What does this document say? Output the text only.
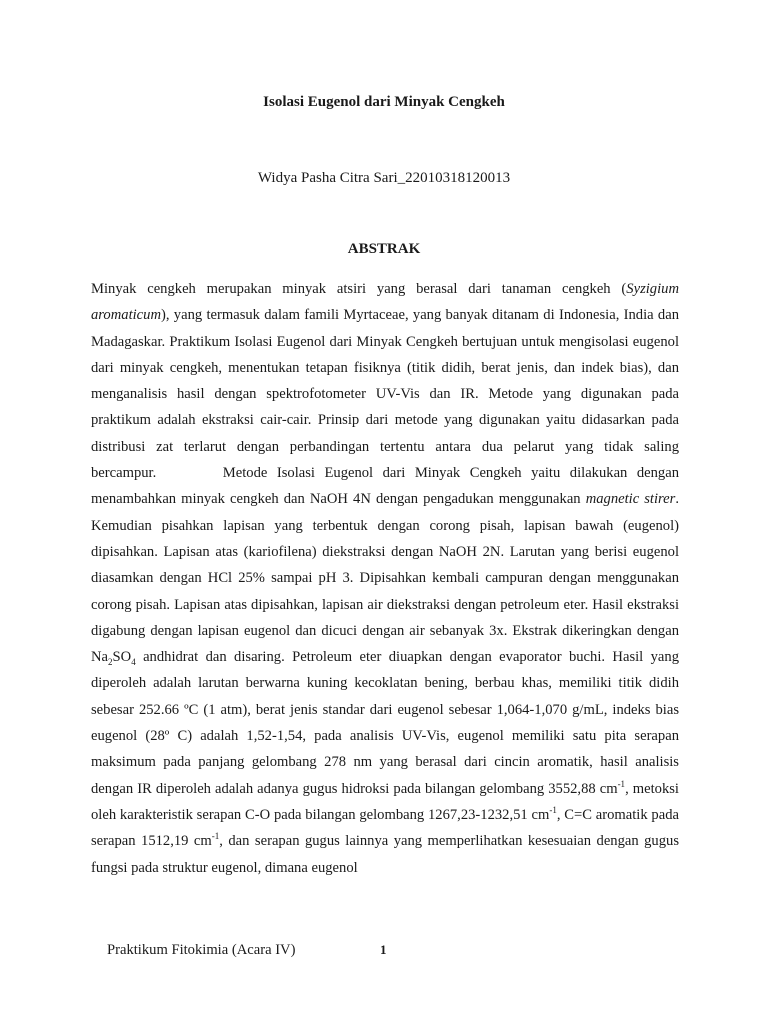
Isolasi Eugenol dari Minyak Cengkeh
Widya Pasha Citra Sari_22010318120013
ABSTRAK

Minyak cengkeh merupakan minyak atsiri yang berasal dari tanaman cengkeh (Syzigium aromaticum), yang termasuk dalam famili Myrtaceae, yang banyak ditanam di Indonesia, India dan Madagaskar. Praktikum Isolasi Eugenol dari Minyak Cengkeh bertujuan untuk mengisolasi eugenol dari minyak cengkeh, menentukan tetapan fisiknya (titik didih, berat jenis, dan indek bias), dan menganalisis hasil dengan spektrofotometer UV-Vis dan IR. Metode yang digunakan pada praktikum adalah ekstraksi cair-cair. Prinsip dari metode yang digunakan yaitu didasarkan pada distribusi zat terlarut dengan perbandingan tertentu antara dua pelarut yang tidak saling bercampur.       Metode Isolasi Eugenol dari Minyak Cengkeh yaitu dilakukan dengan menambahkan minyak cengkeh dan NaOH 4N dengan pengadukan menggunakan magnetic stirer. Kemudian pisahkan lapisan yang terbentuk dengan corong pisah, lapisan bawah (eugenol) dipisahkan. Lapisan atas (kariofilena) diekstraksi dengan NaOH 2N. Larutan yang berisi eugenol diasamkan dengan HCl 25% sampai pH 3. Dipisahkan kembali campuran dengan menggunakan corong pisah. Lapisan atas dipisahkan, lapisan air diekstraksi dengan petroleum eter. Hasil ekstraksi digabung dengan lapisan eugenol dan dicuci dengan air sebanyak 3x. Ekstrak dikeringkan dengan $Na_2SO_4$ andhidrat dan disaring. Petroleum eter diuapkan dengan evaporator buchi. Hasil yang diperoleh adalah larutan berwarna kuning kecoklatan bening, berbau khas, memiliki titik didih sebesar 252.66 ºC (1 atm), berat jenis standar dari eugenol sebesar 1,064-1,070 g/mL, indeks bias eugenol (28º C) adalah 1,52-1,54, pada analisis UV-Vis, eugenol memiliki satu pita serapan maksimum pada panjang gelombang 278 nm yang berasal dari cincin aromatik, hasil analisis dengan IR diperoleh adalah adanya gugus hidroksi pada bilangan gelombang 3552,88 $cm^{-1}$, metoksi oleh karakteristik serapan C-O pada bilangan gelombang 1267,23-1232,51 $cm^{-1}$, C=C aromatik pada serapan 1512,19 $cm^{-1}$, dan serapan gugus lainnya yang memperlihatkan kesesuaian dengan gugus fungsi pada struktur eugenol, dimana eugenol

Praktikum Fitokimia (Acara IV)	1
